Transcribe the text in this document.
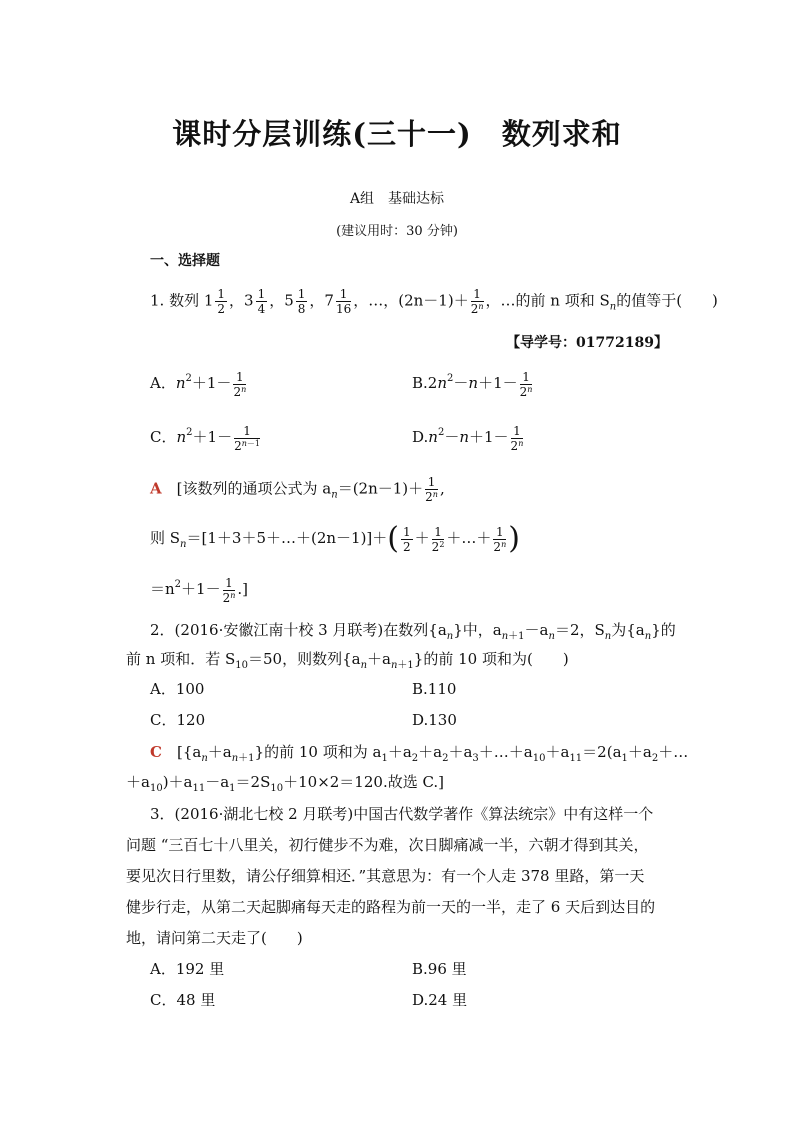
课时分层训练(三十一)　数列求和
A组　基础达标
(建议用时：30 分钟)
一、选择题
1. 数列 $1 \frac{1}{2}$ ，$3 \frac{1}{4}$ ，$5 \frac{1}{8}$ ，$7 \frac{1}{16}$ ，…，$(2n-1)+ \frac{1}{2^n}$ ，…的前 n 项和 $S_n$的值等于(　　)
【导学号：01772189】
A．$n^2+1- \frac{1}{2^n}$	$B.2n^2-n+1- \frac{1}{2^n}$
C．$n^2+1- \frac{1}{2^{n-1}}$	$D.n^2-n+1- \frac{1}{2^n}$
A　 [该数列的通项公式为 $a_n=(2n-1)+ \frac{1}{2^n}$ ,
则 $S_n=[1+3+5+\dots+(2n-1)]+( \frac{1}{2} + \frac{1}{2^2}$ ＋…＋ $\frac{1}{2^n}$ )
$=n^2+1- \frac{1}{2^n}$ .]
2．(2016·安徽江南十校 3 月联考)在数列$\{a_n\}$中，$a_{n+1}-a_n=2$，$S_n$为$\{a_n\}$的
前 n 项和．若 $S_{10}=50$，则数列$\{a_n+a_{n+1}\}$的前 10 项和为(　　)
A．100	B.110
C．120	D.130
C　 [$\{a_n+a_{n+1}\}$的前 10 项和为 $a_1+a_2+a_2+a_3+\dots+a_{10}+a_{11}=2(a_1+a_2+\dots$
$+a_{10})+a_{11}-a_1=2S_{10}+10\times 2=120$.故选 C.]
3．(2016·湖北七校 2 月联考)中国古代数学著作《算法统宗》中有这样一个
问题 “三百七十八里关，初行健步不为难，次日脚痛减一半，六朝才得到其关，
要见次日行里数，请公仔细算相还．”其意思为：有一个人走 378 里路，第一天
健步行走，从第二天起脚痛每天走的路程为前一天的一半，走了 6 天后到达目的
地，请问第二天走了(　　)
A．192 里	B.96 里
C．48 里	D.24 里
